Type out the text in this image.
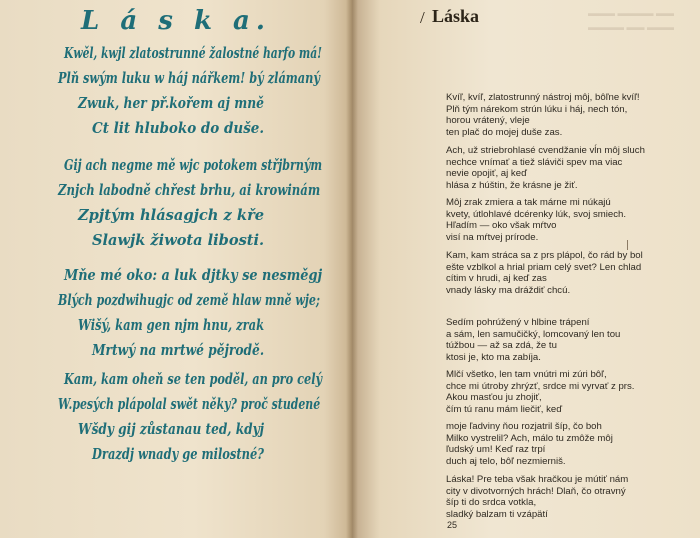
L á s k a.
Kwěl, kwjl zlatostrunné žalostné harfo má!
Plň swým luku w háj nářkem! bý zlámaný
Zwuk, her př.kořem aj mně
Ct lit hluboko do duše.
Gij ach negme mě wjc potokem střjbrným
Znjch labodně chřest brhu, ai krowinám
Zpjtým hlásagjch z kře
Slawjk žiwota libosti.
Mňe mé oko: a luk djtky se nesměgj
Blých pozdwihugjc od země hlaw mně wje;
Wišý, kam gen njm hnu, zrak
Mrtwý na mrtwé pějrodě.
Kam, kam oheň se ten poděl, an pro celý
W.pesých plápolal swět něky? proč studené
Wšdy gij zůstanau ted, kdyj
Drazdj wnady ge milostné?
▬▬▬ ▬▬▬▬ ▬▬
▬▬▬▬ ▬▬ ▬▬▬
/ Láska
Kvíľ, kvíľ, zlatostrunný nástroj môj, bôľne kvíľ!
Plň tým nárekom strún lúku i háj, nech tón,
horou vrátený, vleje
ten plač do mojej duše zas.
Ach, už striebrohlasé cvendžanie vĺn môj sluch
nechce vnímať a tiež sláviči spev ma viac
nevie opojiť, aj keď
hlása z húštin, že krásne je žiť.
Môj zrak zmiera a tak márne mi núkajú
kvety, útlohlavé dcérenky lúk, svoj smiech.
Hľadím — oko však mŕtvo
visí na mŕtvej prírode.
Kam, kam stráca sa z prs plápol, čo rád by bol
ešte vzblkol a hrial priam celý svet? Len chlad
cítim v hrudi, aj keď zas
vnady lásky ma dráždiť chcú.
Sedím pohrúžený v hlbine trápení
a sám, len samučičký, lomcovaný len tou
túžbou — až sa zdá, že tu
ktosi je, kto ma zabíja.
Mlčí všetko, len tam vnútri mi zúri bôľ,
chce mi útroby zhrýzť, srdce mi vyrvať z prs.
Akou masťou ju zhojiť,
čím tú ranu mám liečiť, keď
moje ľadviny ňou rozjatril šíp, čo boh
Milko vystrelil? Ach, málo tu zmôže môj
ľudský um! Keď raz trpí
duch aj telo, bôľ nezmierniš.
Láska! Pre teba však hračkou je mútiť nám
city v divotvorných hrách! Dlaň, čo otravný
šíp ti do srdca votkla,
sladký balzam ti vzápätí
25
